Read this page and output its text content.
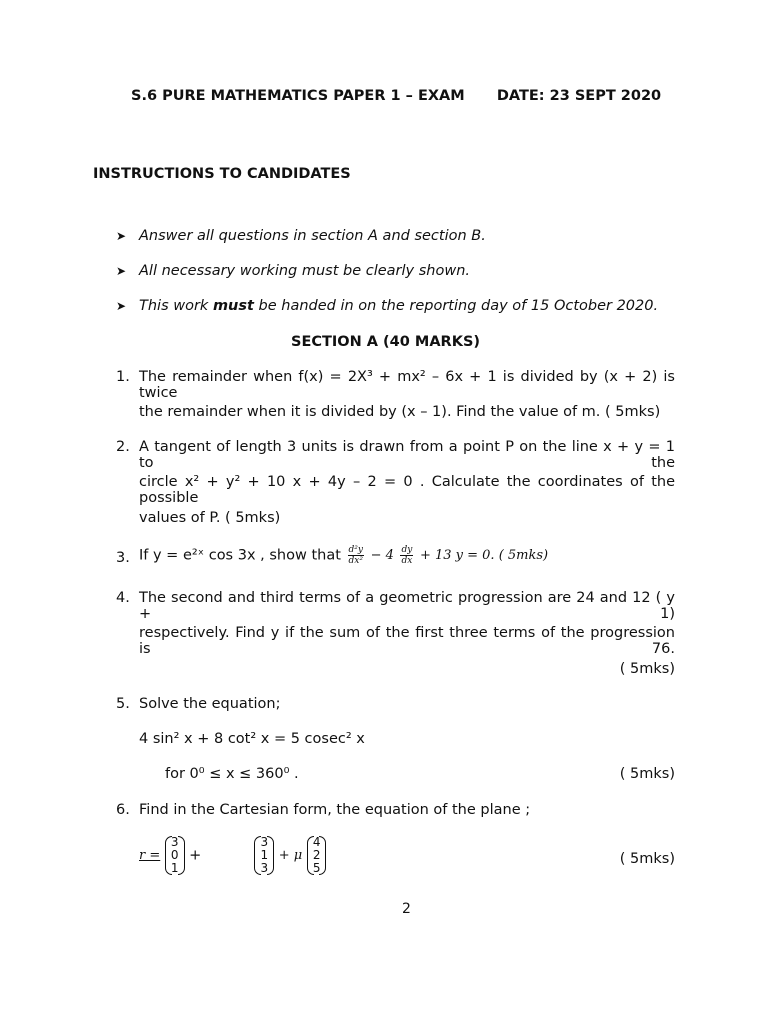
S.6 PURE MATHEMATICS PAPER 1 – EXAM DATE: 23 SEPT 2020
INSTRUCTIONS TO CANDIDATES
➤ Answer all questions in section A and section B.
➤ All necessary working must be clearly shown.
➤ This work must be handed in on the reporting day of 15 October 2020.
SECTION A (40 MARKS)
1. The remainder when f(x) = 2X³ + mx² – 6x + 1 is divided by (x + 2) is twice
the remainder when it is divided by (x – 1). Find the value of m. ( 5mks)
2. A tangent of length 3 units is drawn from a point P on the line x + y = 1 to the
circle x² + y² + 10 x + 4y – 2 = 0 . Calculate the coordinates of the possible
values of P. ( 5mks)
3. If y = e²ˣ cos 3x , show that $\frac{\text{d²y}}{\text{dx²}} - 4 \frac{dy}{dx} + 13$ y = 0. ( 5mks)
4. The second and third terms of a geometric progression are 24 and 12 ( y + 1)
respectively. Find y if the sum of the first three terms of the progression is 76.
( 5mks)
5. Solve the equation;
4 sin² x + 8 cot² x = 5 cosec² x
for 0⁰ ≤ x ≤ 360⁰ .	( 5mks)
6. Find in the Cartesian form, the equation of the plane ;
r =
3
0
1
+
3
1
3
+ μ
4
2
5
( 5mks)
2
